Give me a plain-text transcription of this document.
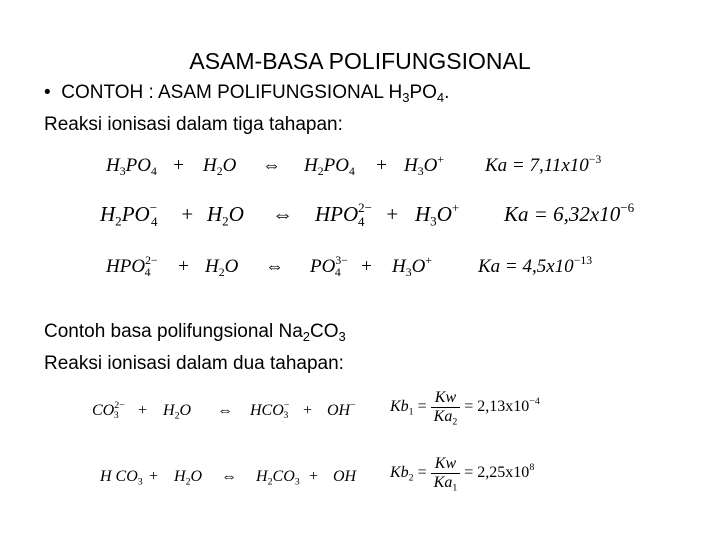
ASAM-BASA POLIFUNGSIONAL
• CONTOH : ASAM POLIFUNGSIONAL $H_3PO_4$.
Reaksi ionisasi dalam tiga tahapan:
$H_3PO_4 + H_2O$ ⇔ $H_2PO_4 + H_3O^+$ $Ka = 7,11x10^{-3}$
$H_2PO^-_4 + H_2O$ ⇔ $HPO^{2-}_4 + H_3O^+$ $Ka = 6,32x10^{-6}$
$HPO^{2-}_4 + H_2O$ ⇔ $PO^{3-}_4 + H_3O^+$ $Ka = 4,5x10^{-13}$
Contoh basa polifungsional $Na_2CO_3$
Reaksi ionisasi dalam dua tahapan:
$CO^{2-}_3 + H_2O$ ⇔ $HCO^-_3 + OH^-$ $Kb_1 = \frac{Kw}{Ka_2} = 2,13x10^{-4}$
H $CO_3 + H_2O$ ⇔ $H_2CO_3$ + OH $Kb_2 = \frac{Kw}{Ka_1} = 2,25x10^8$
